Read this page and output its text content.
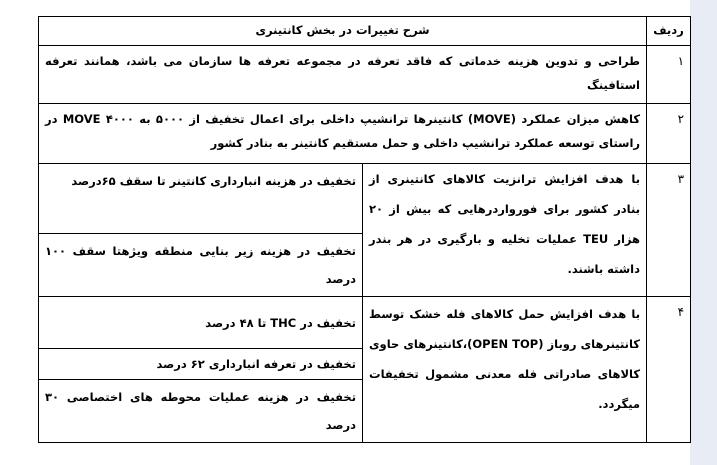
ردیف	شرح تغییرات در بخش کانتینری	
۱	طراحی و تدوین هزینه خدماتی که فاقد تعرفه در مجموعه تعرفه ها سازمان می باشد، همانند تعرفه استافینگ	
۲	کاهش میزان عملکرد (MOVE) کانتینرها ترانشیپ داخلی برای اعمال تخفیف از ۵۰۰۰ به ۴۰۰۰ MOVE در راستای توسعه عملکرد ترانشیپ داخلی و حمل مستقیم کانتینر به بنادر کشور	
۳	با هدف افزایش ترانزیت کالاهای کانتینری از بنادر کشور برای فورواردرهایی که بیش از ۲۰ هزار TEU عملیات تخلیه و بارگیری در هر بندر داشته باشند.	تخفیف در هزینه انبارداری کانتینر تا سقف ۶۵درصد
		تخفیف در هزینه زیر بنایی منطقه ویژهتا سقف ۱۰۰ درصد
۴	با هدف افزایش حمل کالاهای فله خشک توسط کانتینرهای روباز (OPEN TOP)،کانتینرهای حاوی کالاهای صادراتی فله معدنی مشمول تخفیفات میگردد.	تخفیف در THC تا ۴۸ درصد
		تخفیف در تعرفه انبارداری ۶۲ درصد
		تخفیف در هزینه عملیات محوطه های اختصاصی ۳۰ درصد
